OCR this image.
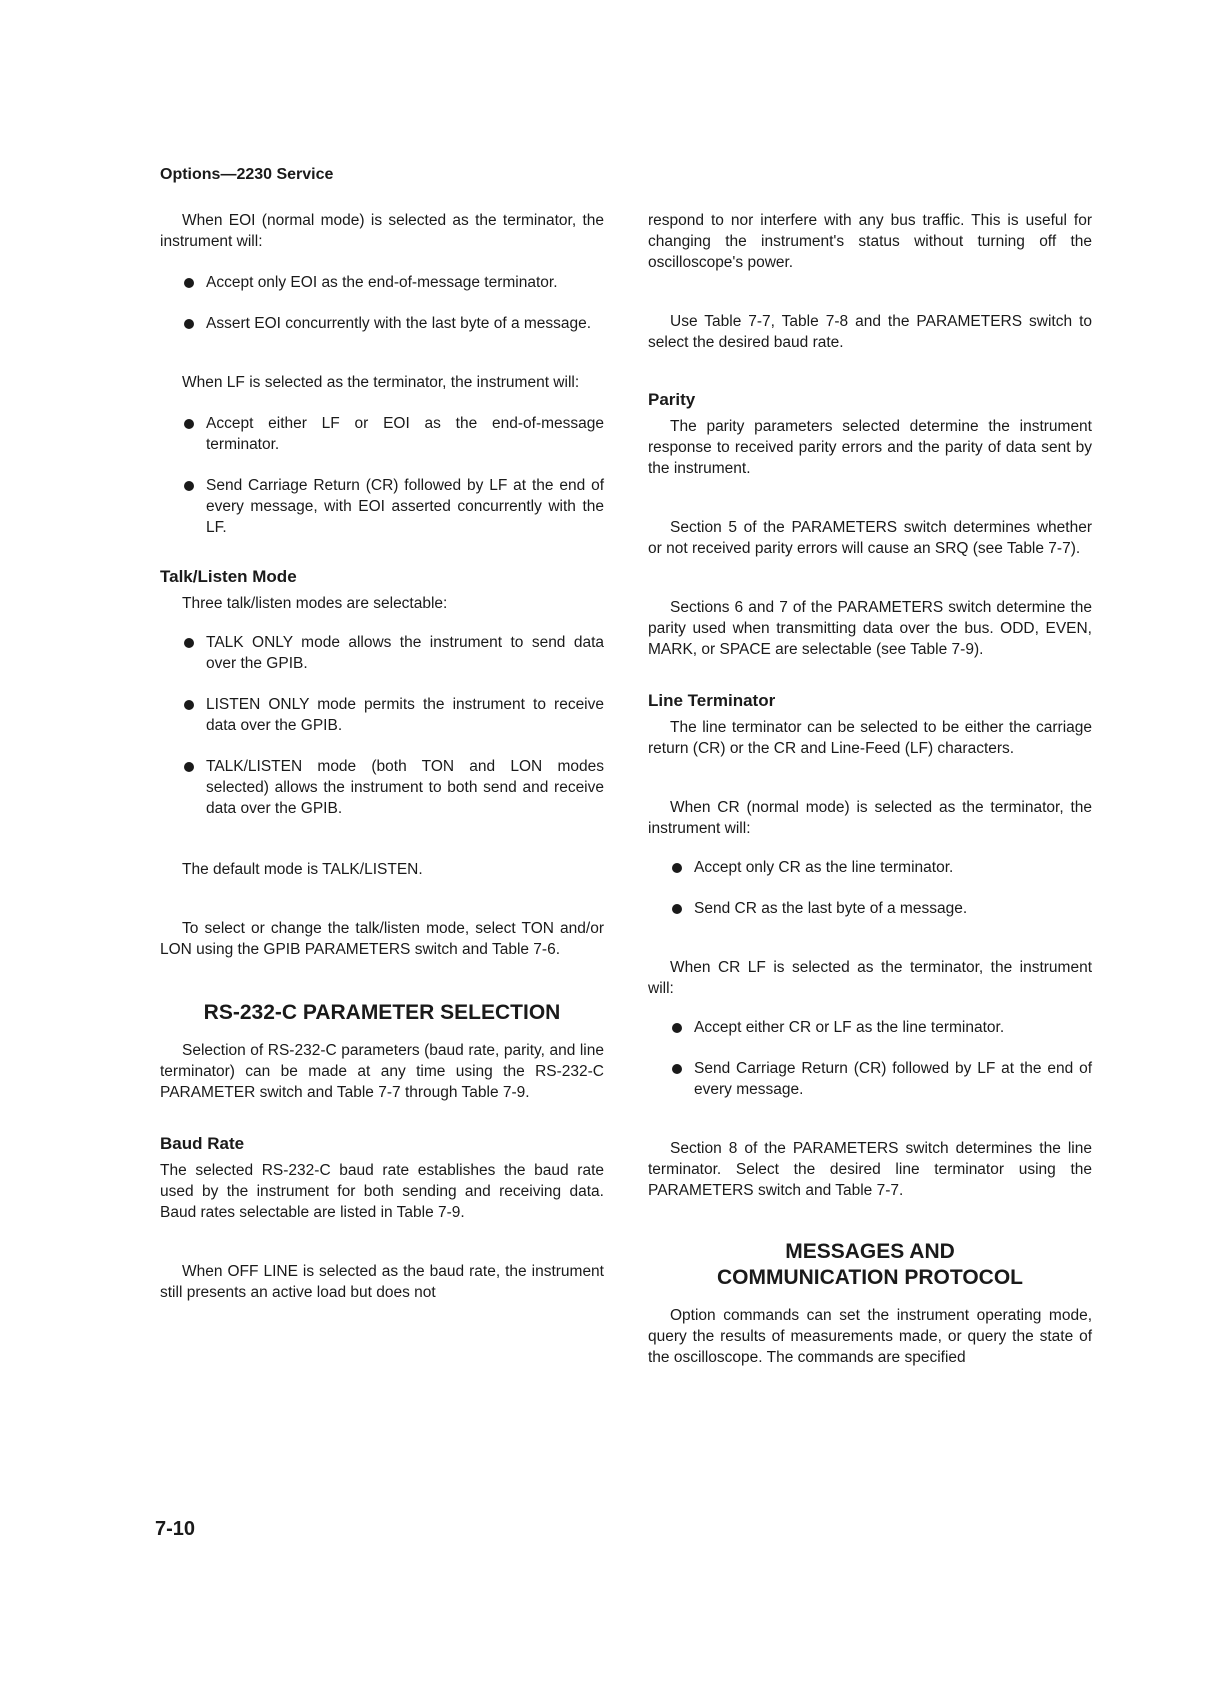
Options—2230 Service

When EOI (normal mode) is selected as the terminator, the instrument will:

Accept only EOI as the end-of-message terminator.
Assert EOI concurrently with the last byte of a message.

When LF is selected as the terminator, the instrument will:

Accept either LF or EOI as the end-of-message terminator.
Send Carriage Return (CR) followed by LF at the end of every message, with EOI asserted concurrently with the LF.
Talk/Listen Mode

Three talk/listen modes are selectable:

TALK ONLY mode allows the instrument to send data over the GPIB.
LISTEN ONLY mode permits the instrument to receive data over the GPIB.
TALK/LISTEN mode (both TON and LON modes selected) allows the instrument to both send and receive data over the GPIB.

The default mode is TALK/LISTEN.

To select or change the talk/listen mode, select TON and/or LON using the GPIB PARAMETERS switch and Table 7-6.

RS-232-C PARAMETER SELECTION

Selection of RS-232-C parameters (baud rate, parity, and line terminator) can be made at any time using the RS-232-C PARAMETER switch and Table 7-7 through Table 7-9.

Baud Rate

The selected RS-232-C baud rate establishes the baud rate used by the instrument for both sending and receiving data. Baud rates selectable are listed in Table 7-9.

When OFF LINE is selected as the baud rate, the instrument still presents an active load but does not

respond to nor interfere with any bus traffic. This is useful for changing the instrument's status without turning off the oscilloscope's power.

Use Table 7-7, Table 7-8 and the PARAMETERS switch to select the desired baud rate.

Parity

The parity parameters selected determine the instrument response to received parity errors and the parity of data sent by the instrument.

Section 5 of the PARAMETERS switch determines whether or not received parity errors will cause an SRQ (see Table 7-7).

Sections 6 and 7 of the PARAMETERS switch determine the parity used when transmitting data over the bus. ODD, EVEN, MARK, or SPACE are selectable (see Table 7-9).

Line Terminator

The line terminator can be selected to be either the carriage return (CR) or the CR and Line-Feed (LF) characters.

When CR (normal mode) is selected as the terminator, the instrument will:

Accept only CR as the line terminator.
Send CR as the last byte of a message.

When CR LF is selected as the terminator, the instrument will:

Accept either CR or LF as the line terminator.
Send Carriage Return (CR) followed by LF at the end of every message.

Section 8 of the PARAMETERS switch determines the line terminator. Select the desired line terminator using the PARAMETERS switch and Table 7-7.

MESSAGES AND
COMMUNICATION PROTOCOL

Option commands can set the instrument operating mode, query the results of measurements made, or query the state of the oscilloscope. The commands are specified

7-10
